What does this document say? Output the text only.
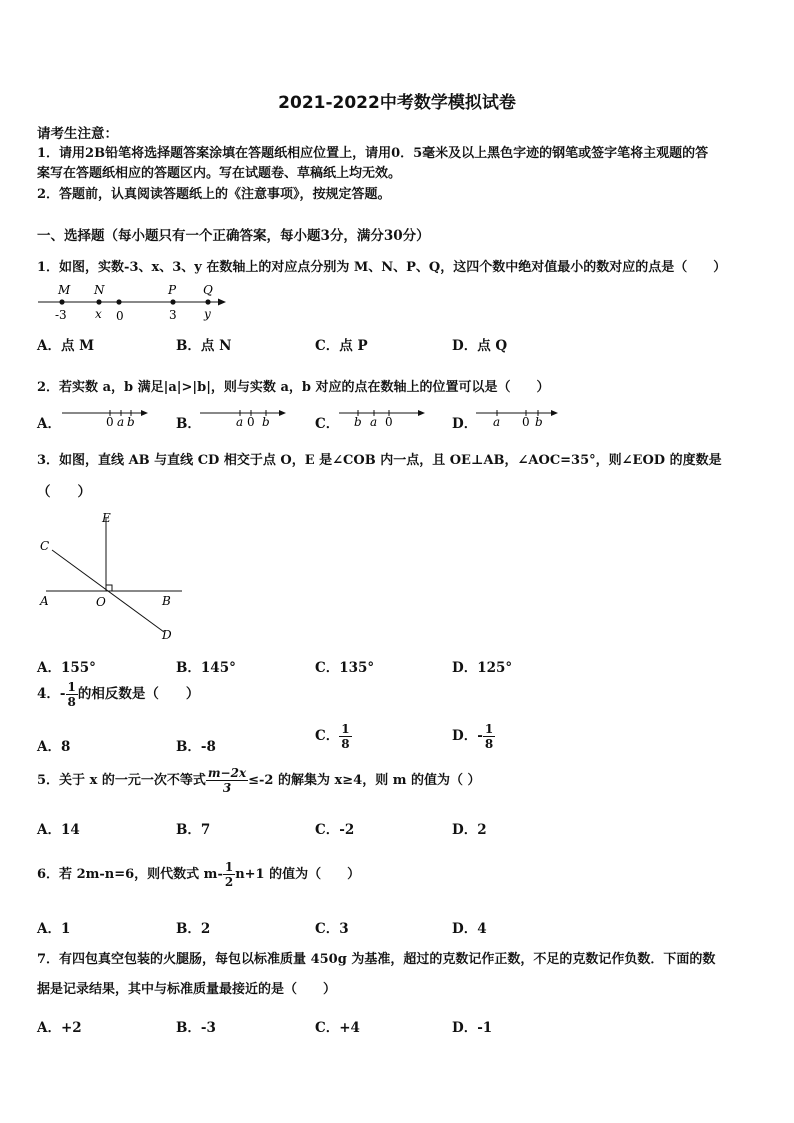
2021-2022中考数学模拟试卷
请考生注意：
1．请用2B铅笔将选择题答案涂填在答题纸相应位置上，请用0．5毫米及以上黑色字迹的钢笔或签字笔将主观题的答
案写在答题纸相应的答题区内。写在试题卷、草稿纸上均无效。
2．答题前，认真阅读答题纸上的《注意事项》，按规定答题。
一、选择题（每小题只有一个正确答案，每小题3分，满分30分）
1．如图，实数-3、x、3、y 在数轴上的对应点分别为 M、N、P、Q，这四个数中绝对值最小的数对应的点是（　　）
M N	P Q
-3 x 0	3 y
A．点 M	B．点 N	C．点 P	D．点 Q
2．若实数 a，b 满足|a|>|b|，则与实数 a，b 对应的点在数轴上的位置可以是（　　）
A．	0 a b	B．	a 0 b	C． b a 0	D． a 0 b
3．如图，直线 AB 与直线 CD 相交于点 O，E 是∠COB 内一点，且 OE⊥AB，∠AOC=35°，则∠EOD 的度数是
（　　）
E
C
A	O	B
D
A．155°	B．145°	C．135°	D．125°
4．- $\frac{1}{8}$ 的相反数是（　　）
A．8	B．-8
C． $\frac{1}{8}$	D．- $\frac{1}{8}$
5．关于 x 的一元一次不等式 $\frac{m-2x}{3} \le-2$ 的解集为 x≥4，则 m 的值为（ ）
A．14	B．7	C．-2	D．2
6．若 2m-n=6，则代数式 $m- \frac{1}{2} n+1$ 的值为（　　）
A．1	B．2	C．3	D．4
7．有四包真空包装的火腿肠，每包以标准质量 450g 为基准，超过的克数记作正数，不足的克数记作负数．下面的数
据是记录结果，其中与标准质量最接近的是（　　）
A．+2	B．-3	C．+4	D．-1
